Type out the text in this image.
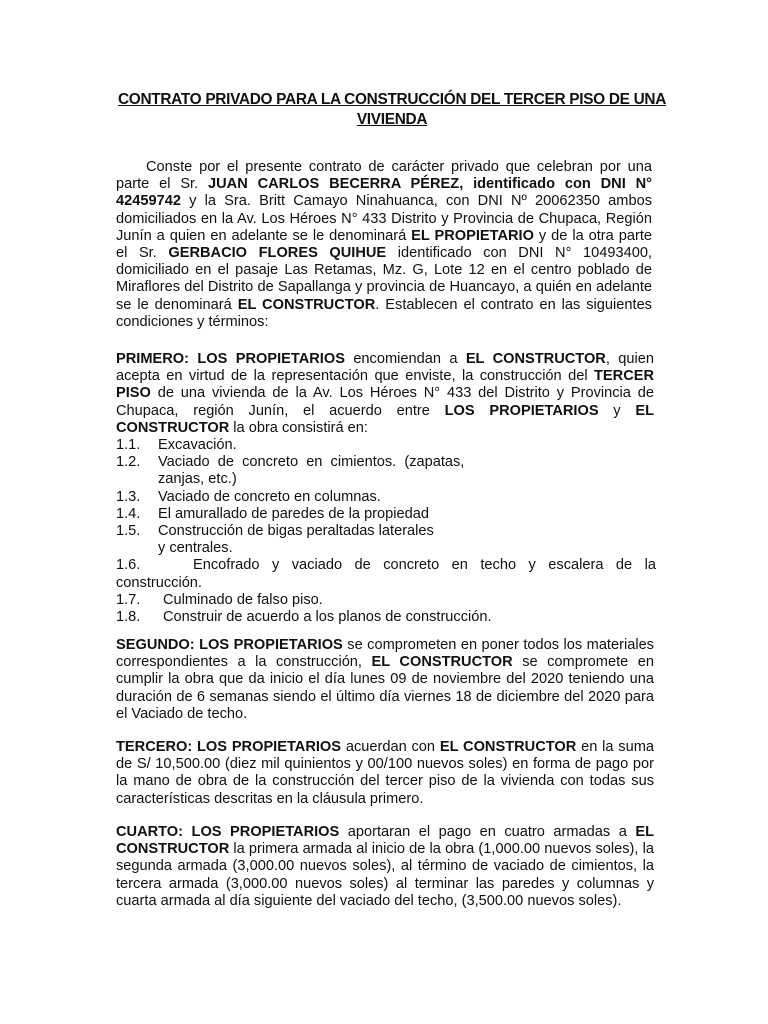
CONTRATO PRIVADO PARA LA CONSTRUCCIÓN DEL TERCER PISO DE UNA VIVIENDA
Conste por el presente contrato de carácter privado que celebran por una parte el Sr. JUAN CARLOS BECERRA PÉREZ, identificado con DNI N° 42459742 y la Sra. Britt Camayo Ninahuanca, con DNI Nº 20062350 ambos domiciliados en la Av. Los Héroes N° 433 Distrito y Provincia de Chupaca, Región Junín a quien en adelante se le denominará EL PROPIETARIO y de la otra parte el Sr. GERBACIO FLORES QUIHUE identificado con DNI N° 10493400, domiciliado en el pasaje Las Retamas, Mz. G, Lote 12 en el centro poblado de Miraflores del Distrito de Sapallanga y provincia de Huancayo, a quién en adelante se le denominará EL CONSTRUCTOR. Establecen el contrato en las siguientes condiciones y términos:
PRIMERO: LOS PROPIETARIOS encomiendan a EL CONSTRUCTOR, quien acepta en virtud de la representación que enviste, la construcción del TERCER PISO de una vivienda de la Av. Los Héroes N° 433 del Distrito y Provincia de Chupaca, región Junín, el acuerdo entre LOS PROPIETARIOS y EL CONSTRUCTOR la obra consistirá en:
1.1. Excavación.
1.2. Vaciado  de  concreto  en  cimientos.  (zapatas,
zanjas, etc.)
1.3. Vaciado de concreto en columnas.
1.4. El amurallado de paredes de la propiedad
1.5. Construcción de bigas peraltadas laterales
y centrales.
1.6.	Encofrado y vaciado de concreto en techo y escalera de la
construcción.
1.7. Culminado de falso piso.
1.8. Construir de acuerdo a los planos de construcción.
SEGUNDO: LOS PROPIETARIOS se comprometen en poner todos los materiales correspondientes a la construcción, EL CONSTRUCTOR se compromete en cumplir la obra que da inicio el día lunes 09 de noviembre del 2020 teniendo una duración de 6 semanas siendo el último día viernes 18 de diciembre del 2020 para el Vaciado de techo.
TERCERO: LOS PROPIETARIOS acuerdan con EL CONSTRUCTOR en la suma de S/ 10,500.00 (diez mil quinientos y 00/100 nuevos soles) en forma de pago por la mano de obra de la construcción del tercer piso de la vivienda con todas sus características descritas en la cláusula primero.
CUARTO: LOS PROPIETARIOS aportaran el pago en cuatro armadas a EL CONSTRUCTOR la primera armada al inicio de la obra (1,000.00 nuevos soles), la segunda armada (3,000.00 nuevos soles), al término de vaciado de cimientos, la tercera armada (3,000.00 nuevos soles) al terminar las paredes y columnas y cuarta armada al día siguiente del vaciado del techo, (3,500.00 nuevos soles).
